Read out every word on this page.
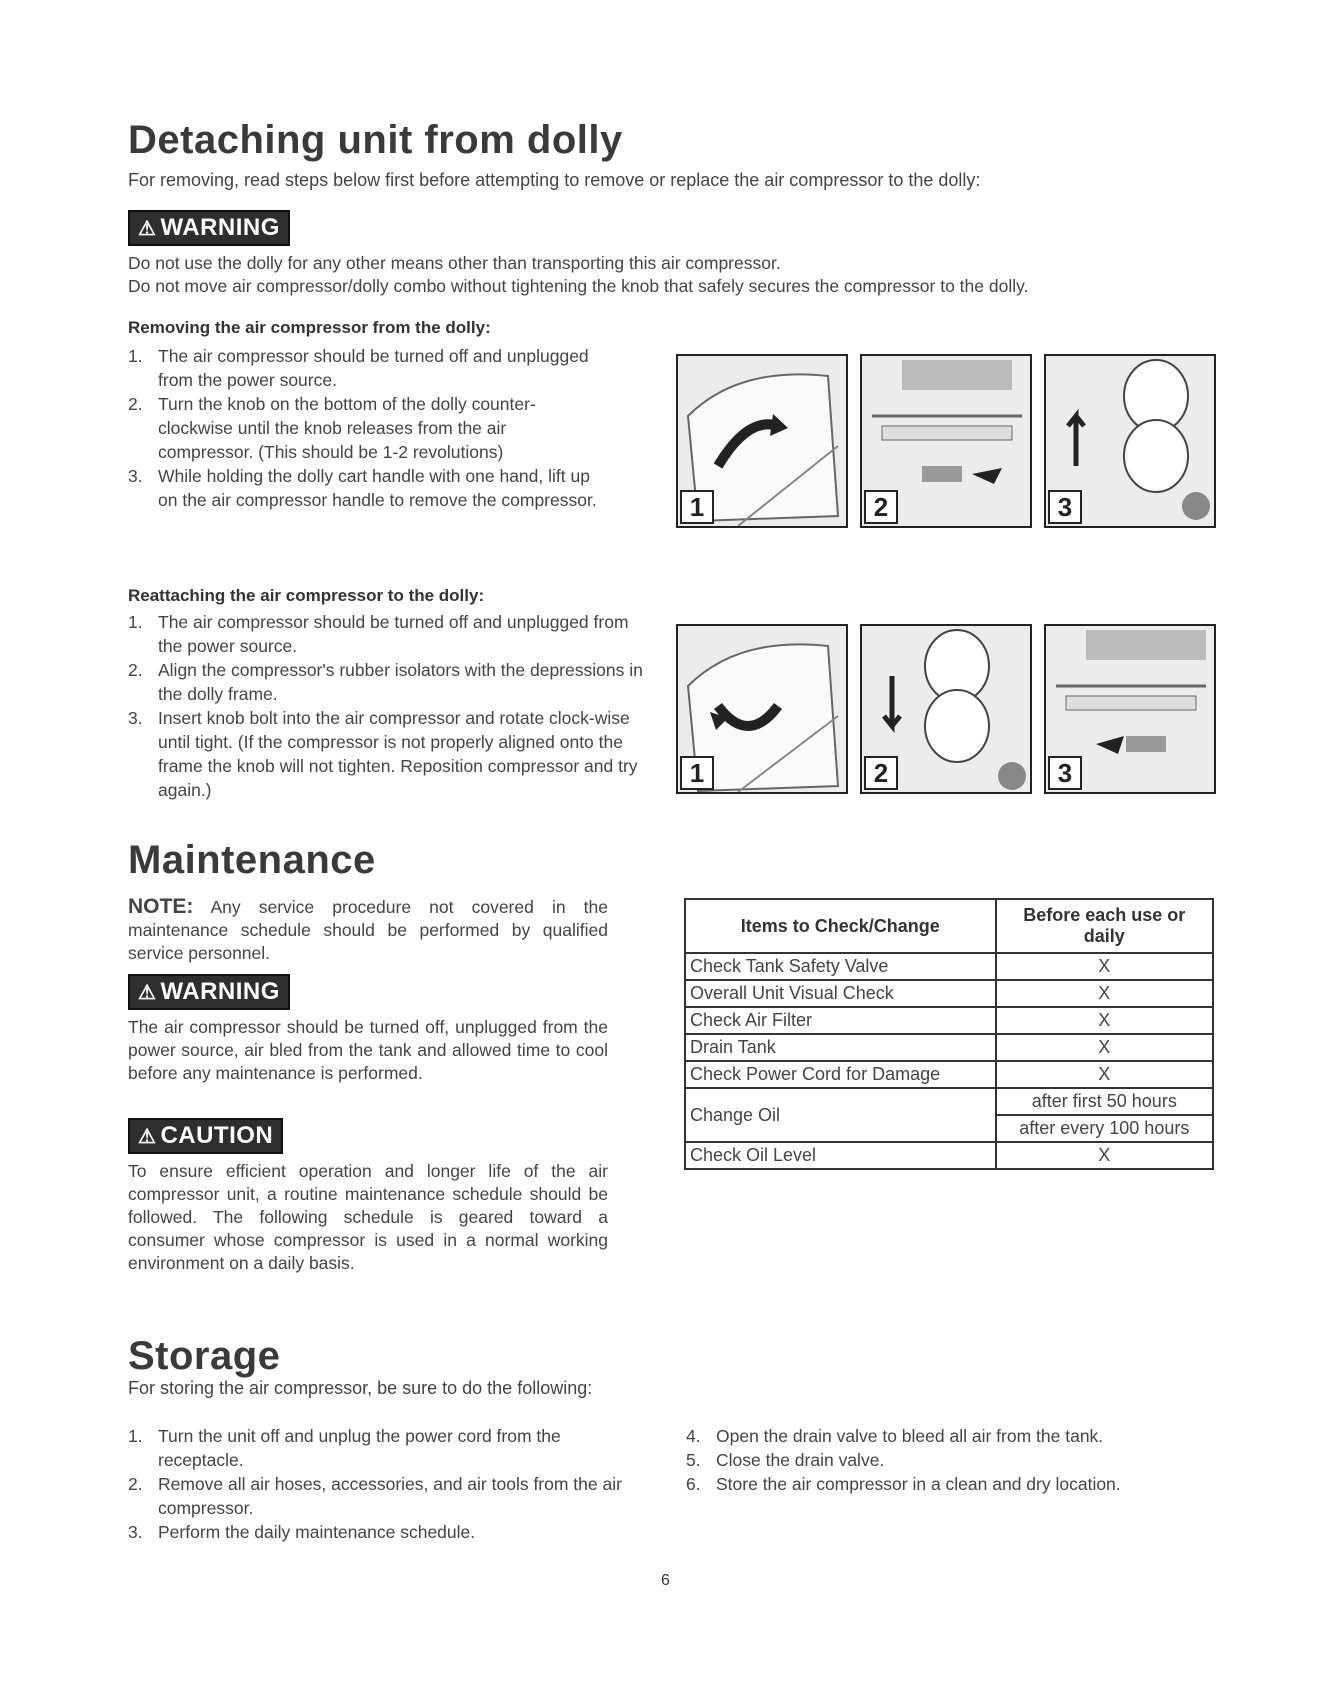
Detaching unit from dolly
For removing, read steps below first before attempting to remove or replace the air compressor to the dolly:
⚠ WARNING
Do not use the dolly for any other means other than transporting this air compressor.
Do not move air compressor/dolly combo without tightening the knob that safely secures the compressor to the dolly.
Removing the air compressor from the dolly:
1. The air compressor should be turned off and unplugged from the power source.
2. Turn the knob on the bottom of the dolly counter-clockwise until the knob releases from the air compressor. (This should be 1-2 revolutions)
3. While holding the dolly cart handle with one hand, lift up on the air compressor handle to remove the compressor.	1	2	3
Reattaching the air compressor to the dolly:
1. The air compressor should be turned off and unplugged from the power source.
2. Align the compressor's rubber isolators with the depressions in the dolly frame.
3. Insert knob bolt into the air compressor and rotate clock-wise until tight. (If the compressor is not properly aligned onto the frame the knob will not tighten. Reposition compressor and try again.)
1	2	3
Maintenance
NOTE: Any service procedure not covered in the maintenance schedule should be performed by qualified service personnel.
⚠ WARNING
The air compressor should be turned off, unplugged from the power source, air bled from the tank and allowed time to cool before any maintenance is performed.
⚠ CAUTION
To ensure efficient operation and longer life of the air compressor unit, a routine maintenance schedule should be followed. The following schedule is geared toward a consumer whose compressor is used in a normal working environment on a daily basis.
Items to Check/Change	Before each use or daily
Check Tank Safety Valve	X
Overall Unit Visual Check	X
Check Air Filter	X
Drain Tank	X
Check Power Cord for Damage	X
Change Oil	after first 50 hours
	after every 100 hours
Check Oil Level	X
Storage
For storing the air compressor, be sure to do the following:
1. Turn the unit off and unplug the power cord from the receptacle.
2. Remove all air hoses, accessories, and air tools from the air compressor.
3. Perform the daily maintenance schedule.
4. Open the drain valve to bleed all air from the tank.
5. Close the drain valve.
6. Store the air compressor in a clean and dry location.
6
